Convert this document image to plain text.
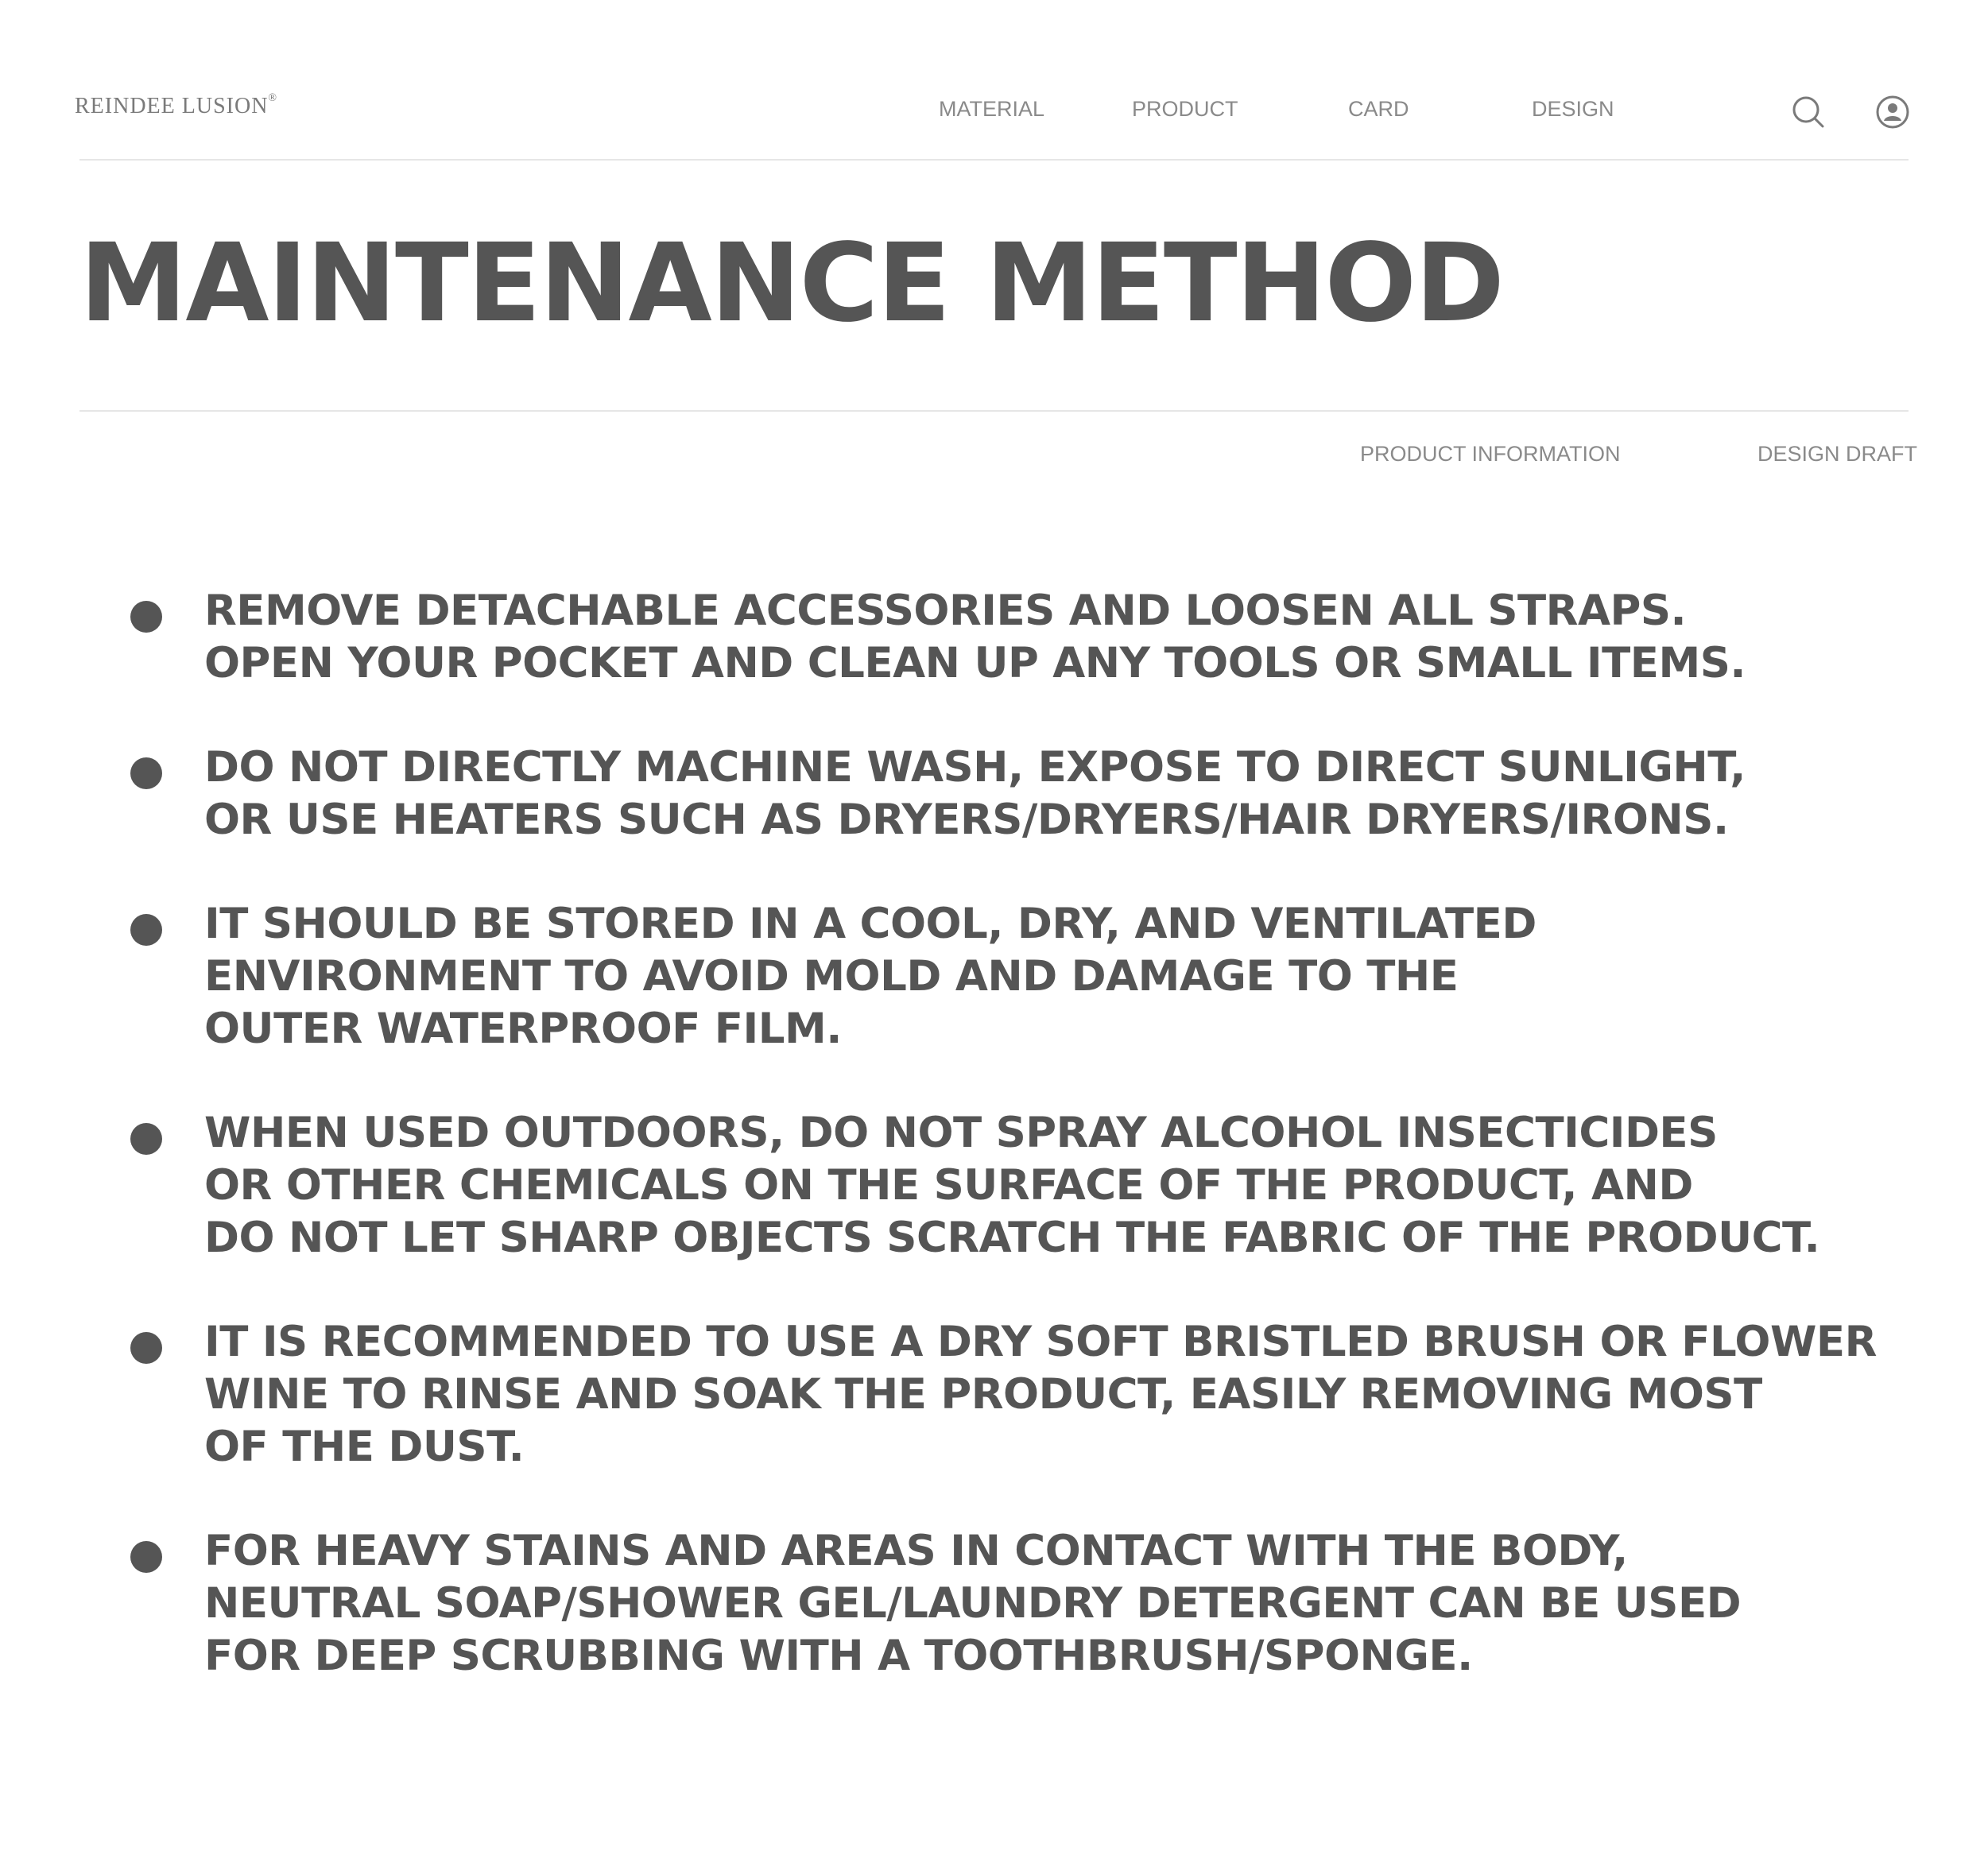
REINDEE LUSION®	MATERIAL	PRODUCT	CARD	DESIGN
MAINTENANCE METHOD
PRODUCT INFORMATION	DESIGN DRAFT
REMOVE DETACHABLE ACCESSORIES AND LOOSEN ALL STRAPS.
OPEN YOUR POCKET AND CLEAN UP ANY TOOLS OR SMALL ITEMS.
DO NOT DIRECTLY MACHINE WASH, EXPOSE TO DIRECT SUNLIGHT,
OR USE HEATERS SUCH AS DRYERS/DRYERS/HAIR DRYERS/IRONS.
IT SHOULD BE STORED IN A COOL, DRY, AND VENTILATED
ENVIRONMENT TO AVOID MOLD AND DAMAGE TO THE
OUTER WATERPROOF FILM.
WHEN USED OUTDOORS, DO NOT SPRAY ALCOHOL INSECTICIDES
OR OTHER CHEMICALS ON THE SURFACE OF THE PRODUCT, AND
DO NOT LET SHARP OBJECTS SCRATCH THE FABRIC OF THE PRODUCT.
IT IS RECOMMENDED TO USE A DRY SOFT BRISTLED BRUSH OR FLOWER
WINE TO RINSE AND SOAK THE PRODUCT, EASILY REMOVING MOST
OF THE DUST.
FOR HEAVY STAINS AND AREAS IN CONTACT WITH THE BODY,
NEUTRAL SOAP/SHOWER GEL/LAUNDRY DETERGENT CAN BE USED
FOR DEEP SCRUBBING WITH A TOOTHBRUSH/SPONGE.
